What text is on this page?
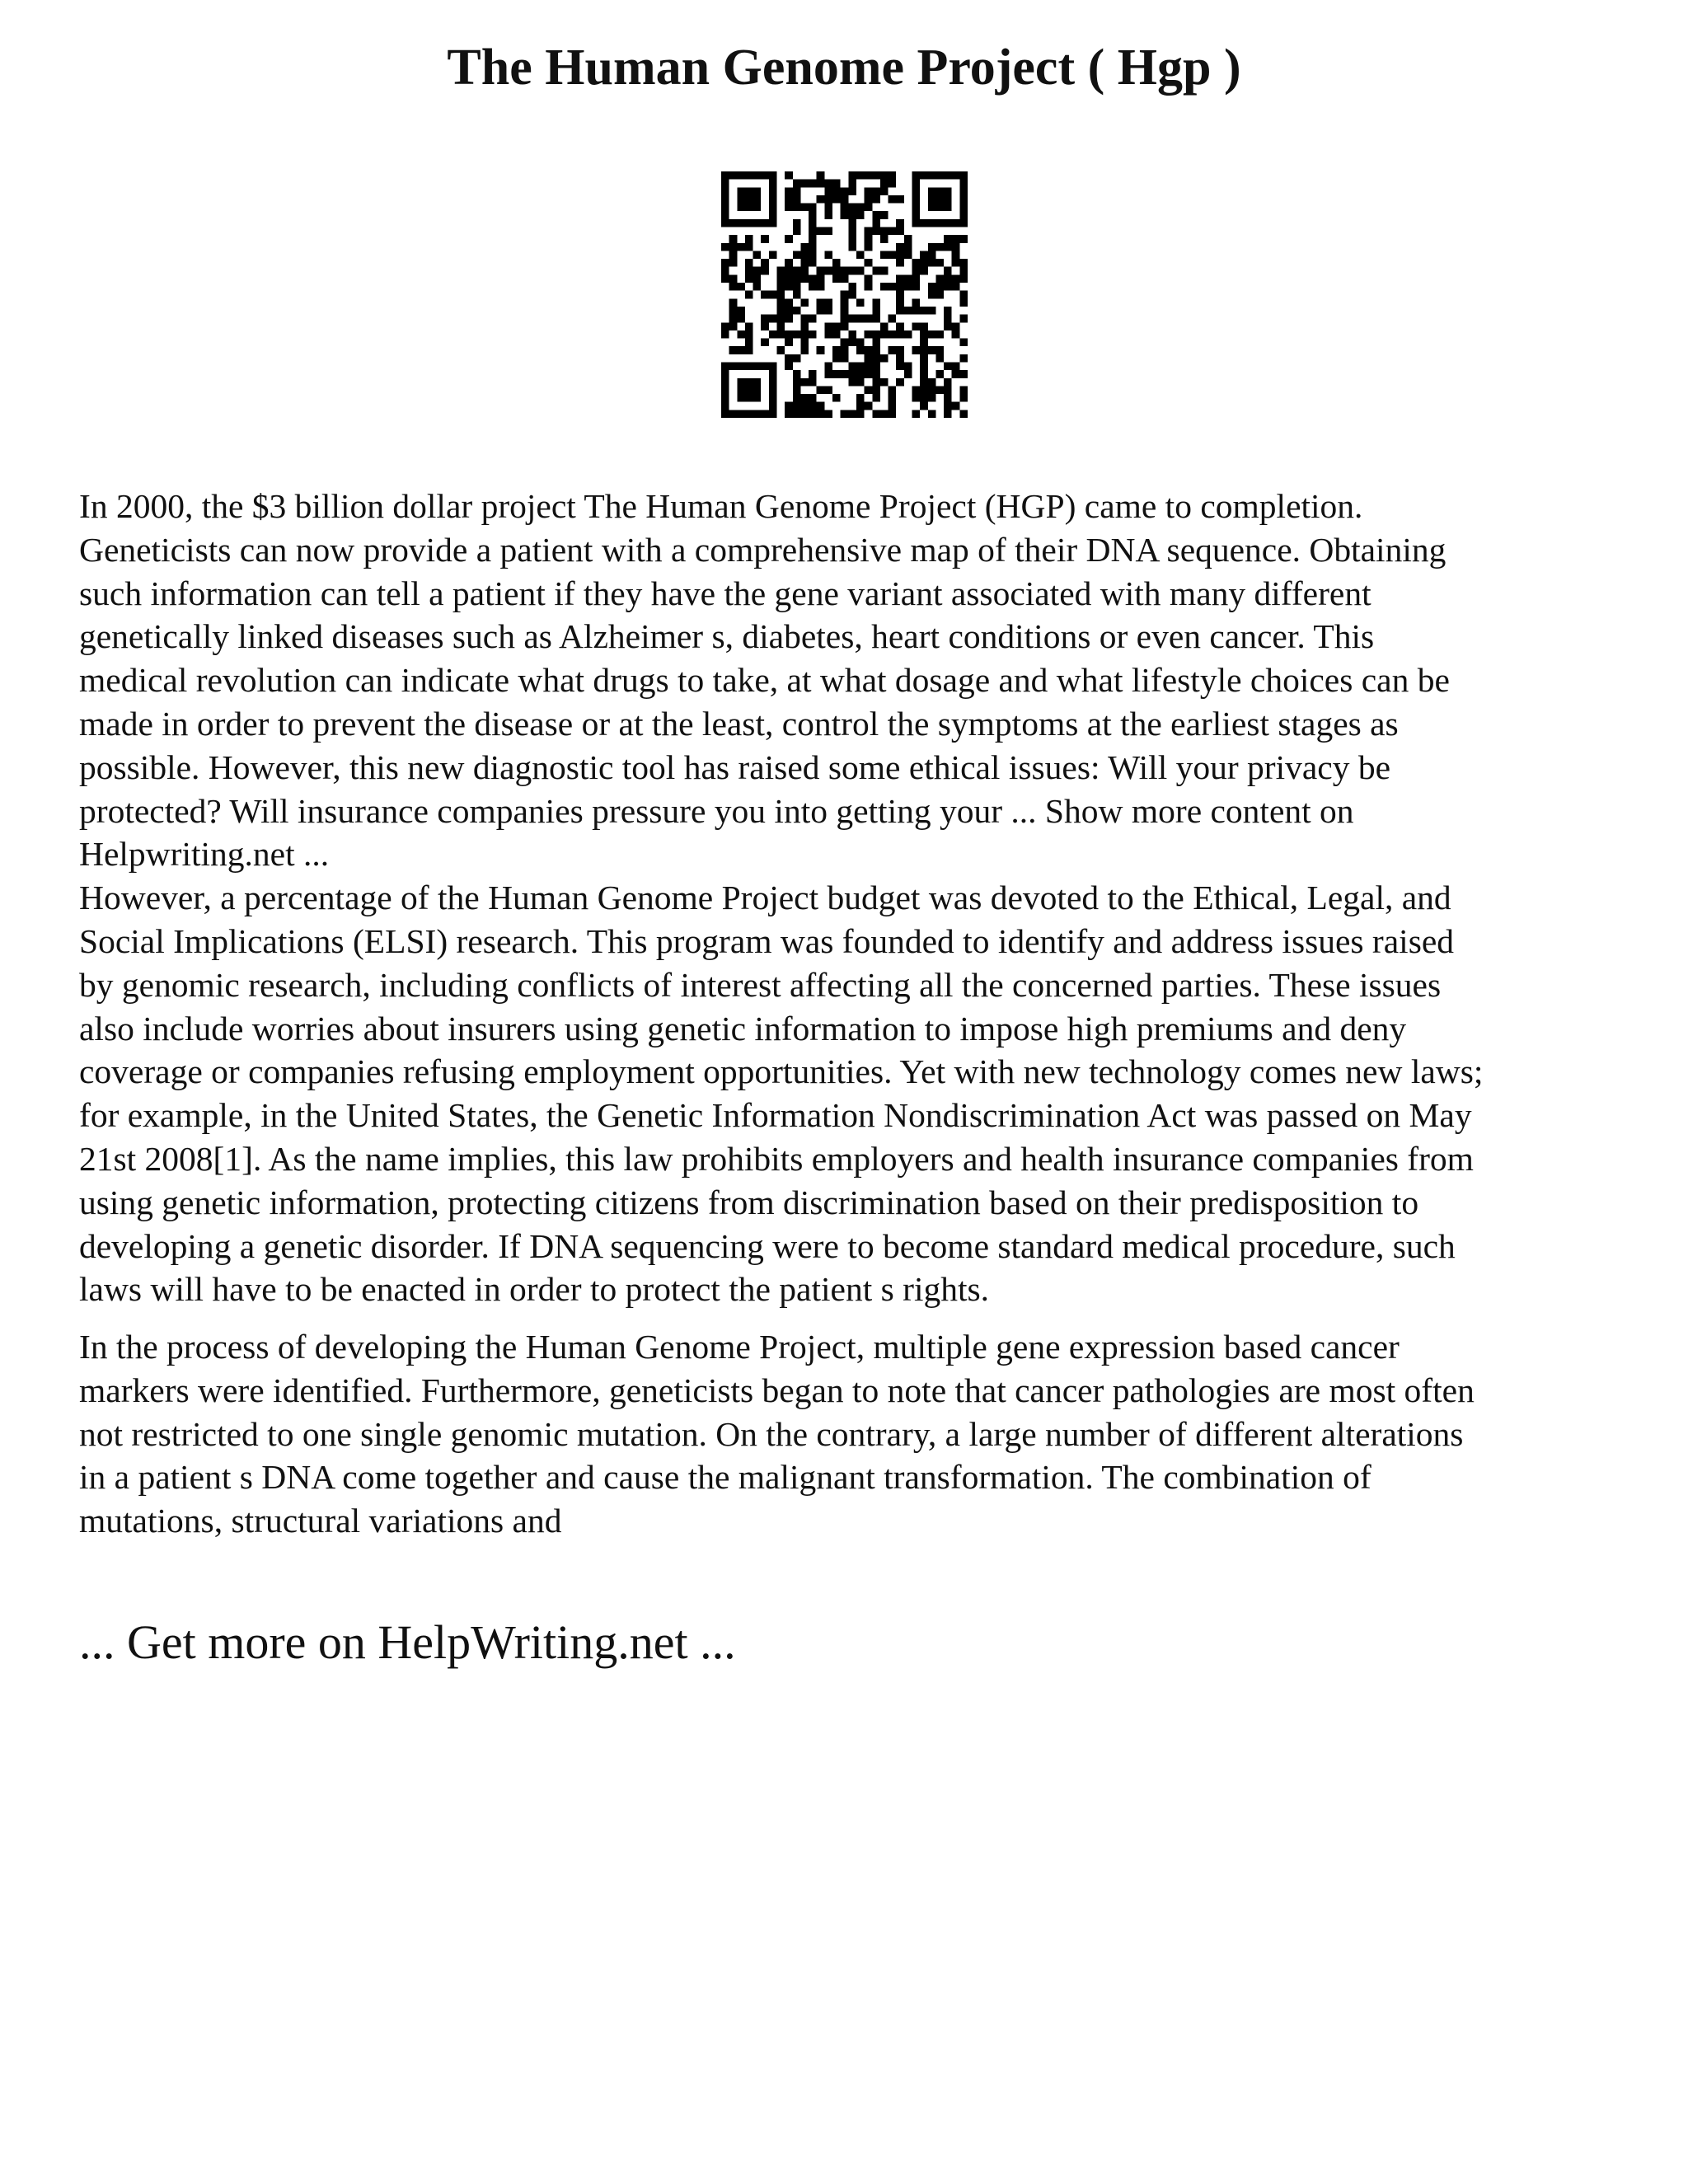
The Human Genome Project ( Hgp )

In 2000, the $3 billion dollar project The Human Genome Project (HGP) came to completion.
Geneticists can now provide a patient with a comprehensive map of their DNA sequence. Obtaining
such information can tell a patient if they have the gene variant associated with many different
genetically linked diseases such as Alzheimer s, diabetes, heart conditions or even cancer. This
medical revolution can indicate what drugs to take, at what dosage and what lifestyle choices can be
made in order to prevent the disease or at the least, control the symptoms at the earliest stages as
possible. However, this new diagnostic tool has raised some ethical issues: Will your privacy be
protected? Will insurance companies pressure you into getting your ... Show more content on
Helpwriting.net ...
However, a percentage of the Human Genome Project budget was devoted to the Ethical, Legal, and
Social Implications (ELSI) research. This program was founded to identify and address issues raised
by genomic research, including conflicts of interest affecting all the concerned parties. These issues
also include worries about insurers using genetic information to impose high premiums and deny
coverage or companies refusing employment opportunities. Yet with new technology comes new laws;
for example, in the United States, the Genetic Information Nondiscrimination Act was passed on May
21st 2008[1]. As the name implies, this law prohibits employers and health insurance companies from
using genetic information, protecting citizens from discrimination based on their predisposition to
developing a genetic disorder. If DNA sequencing were to become standard medical procedure, such
laws will have to be enacted in order to protect the patient s rights.

In the process of developing the Human Genome Project, multiple gene expression based cancer
markers were identified. Furthermore, geneticists began to note that cancer pathologies are most often
not restricted to one single genomic mutation. On the contrary, a large number of different alterations
in a patient s DNA come together and cause the malignant transformation. The combination of
mutations, structural variations and

... Get more on HelpWriting.net ...
